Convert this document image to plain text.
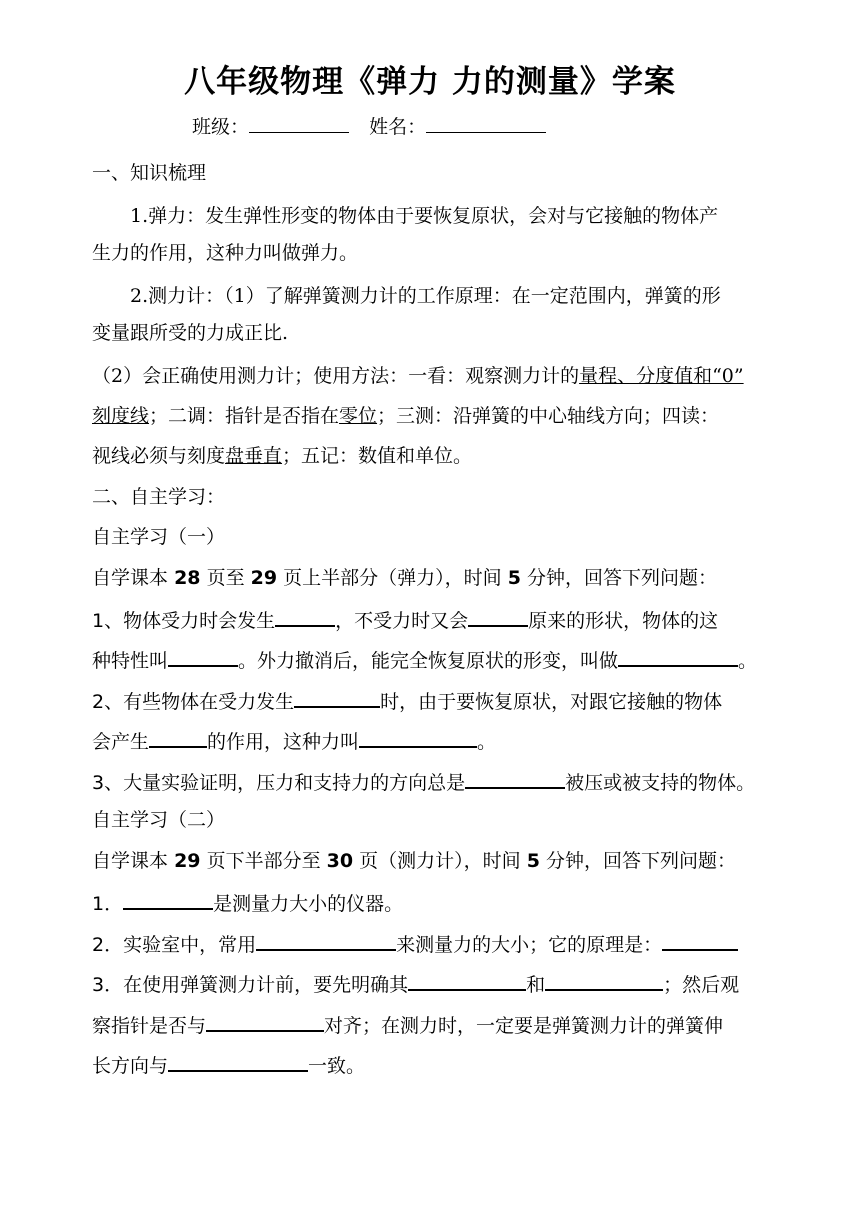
八年级物理《弹力 力的测量》学案
班级：	姓名：
一、知识梳理
1.弹力：发生弹性形变的物体由于要恢复原状，会对与它接触的物体产
生力的作用，这种力叫做弹力。
2.测力计：（1）了解弹簧测力计的工作原理：在一定范围内，弹簧的形
变量跟所受的力成正比.
（2）会正确使用测力计；使用方法：一看：观察测力计的量程、分度值和“0”
刻度线；二调：指针是否指在零位；三测：沿弹簧的中心轴线方向；四读：
视线必须与刻度盘垂直；五记：数值和单位。
二、自主学习：
自主学习（一）
自学课本 28 页至 29 页上半部分（弹力），时间 5 分钟，回答下列问题：
1、物体受力时会发生	，不受力时又会	原来的形状，物体的这
种特性叫	。外力撤消后，能完全恢复原状的形变，叫做	。
2、有些物体在受力发生	时，由于要恢复原状，对跟它接触的物体
会产生	的作用，这种力叫	。
3、大量实验证明，压力和支持力的方向总是	被压或被支持的物体。
自主学习（二）
自学课本 29 页下半部分至 30 页（测力计），时间 5 分钟，回答下列问题：
1．	是测量力大小的仪器。
2．实验室中，常用	来测量力的大小；它的原理是：
3．在使用弹簧测力计前，要先明确其	和	；然后观
察指针是否与	对齐；在测力时，一定要是弹簧测力计的弹簧伸
长方向与	一致。
